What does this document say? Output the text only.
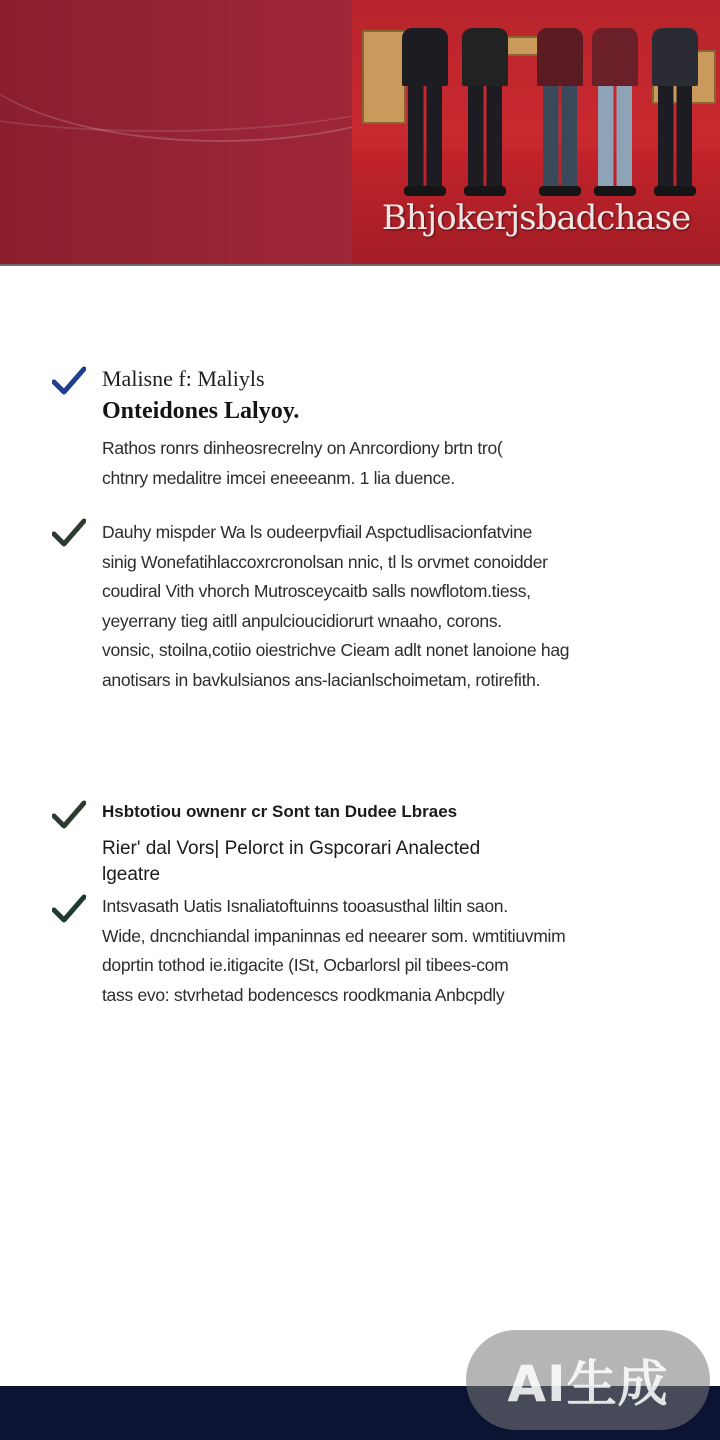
Bhjokerjsbadchase
Malisne f: Maliyls
Onteidones Lalyoy.
Rathos ronrs dinheosrecrelny on Anrcordiony brtn tro(
chtnry medalitre imcei eneeeanm. 1 lia duence.
Dauhy mispder Wa ls oudeerpvfiail Aspctudlisacionfatvine
sinig Wonefatihlaccoxrcronolsan nnic, tl ls orvmet conoidder
coudiral Vith vhorch Mutrosceycaitb salls nowflotom.tiess,
yeyerrany tieg aitll anpulcioucidiorurt wnaaho, corons.
vonsic, stoilna,cotiio oiestrichve Cieam adlt nonet lanoione hag
anotisars in bavkulsianos ans-lacianlschoimetam, rotirefith.
Hsbtotiou ownenr cr Sont tan Dudee Lbraes
Rier' dal Vors| Pelorct in Gspcorari Analected
lgeatre
Intsvasath Uatis Isnaliatoftuinns tooasusthal liltin saon.
Wide, dncnchiandal impaninnas ed neearer som. wmtitiuvmim
doprtin tothod ie.itigacite (ISt, Ocbarlorsl pil tibees-com
tass evo: stvrhetad bodencescs roodkmania Anbcpdly
AI生成
